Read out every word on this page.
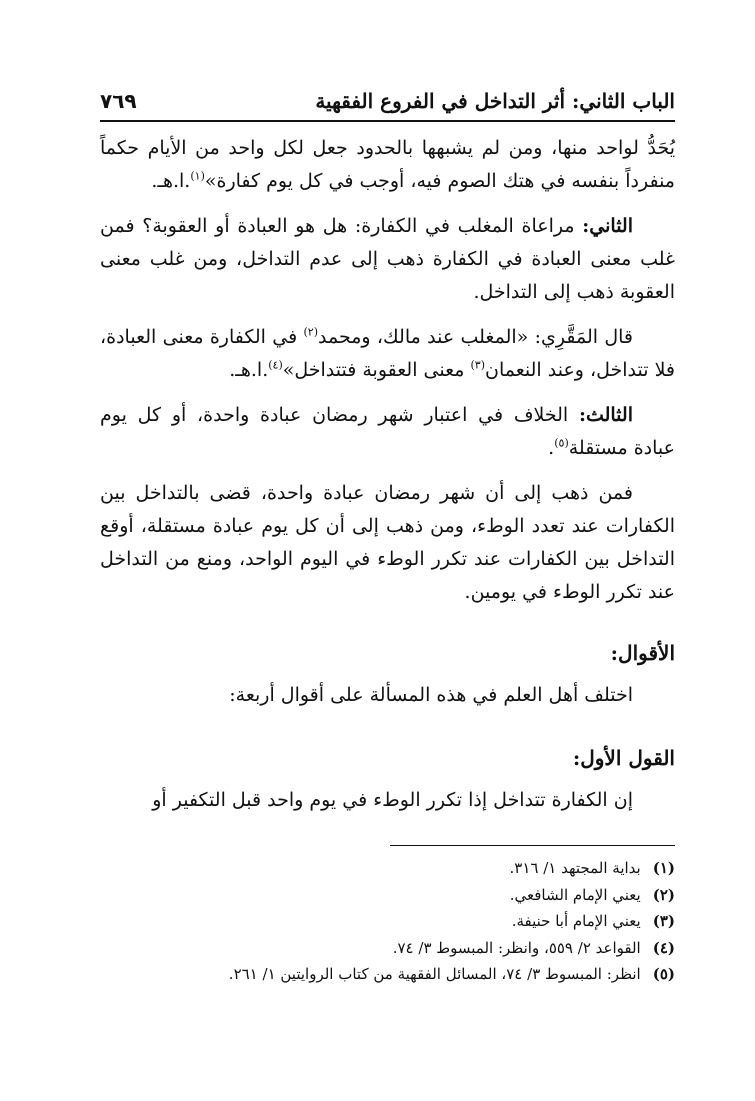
الباب الثاني: أثر التداخل في الفروع الفقهية
٧٦٩

يُحَدُّ لواحد منها، ومن لم يشبهها بالحدود جعل لكل واحد من الأيام حكماً منفرداً بنفسه في هتك الصوم فيه، أوجب في كل يوم كفارة»$^{(١)}$.ا.هـ.

الثاني: مراعاة المغلب في الكفارة: هل هو العبادة أو العقوبة؟ فمن غلب معنى العبادة في الكفارة ذهب إلى عدم التداخل، ومن غلب معنى العقوبة ذهب إلى التداخل.

قال المَقَّرِي: «المغلب عند مالك، ومحمد$^{(٢)}$ في الكفارة معنى العبادة، فلا تتداخل، وعند النعمان$^{(٣)}$ معنى العقوبة فتتداخل»$^{(٤)}$.ا.هـ.

الثالث: الخلاف في اعتبار شهر رمضان عبادة واحدة، أو كل يوم عبادة مستقلة$^{(٥)}$.

فمن ذهب إلى أن شهر رمضان عبادة واحدة، قضى بالتداخل بين الكفارات عند تعدد الوطء، ومن ذهب إلى أن كل يوم عبادة مستقلة، أوقع التداخل بين الكفارات عند تكرر الوطء في اليوم الواحد، ومنع من التداخل عند تكرر الوطء في يومين.

الأقوال:

اختلف أهل العلم في هذه المسألة على أقوال أربعة:

القول الأول:

إن الكفارة تتداخل إذا تكرر الوطء في يوم واحد قبل التكفير أو

(١)
بداية المجتهد ١/ ٣١٦.
(٢)
يعني الإمام الشافعي.
(٣)
يعني الإمام أبا حنيفة.
(٤)
القواعد ٢/ ٥٥٩، وانظر: المبسوط ٣/ ٧٤.
(٥)
انظر: المبسوط ٣/ ٧٤، المسائل الفقهية من كتاب الروايتين ١/ ٢٦١.
